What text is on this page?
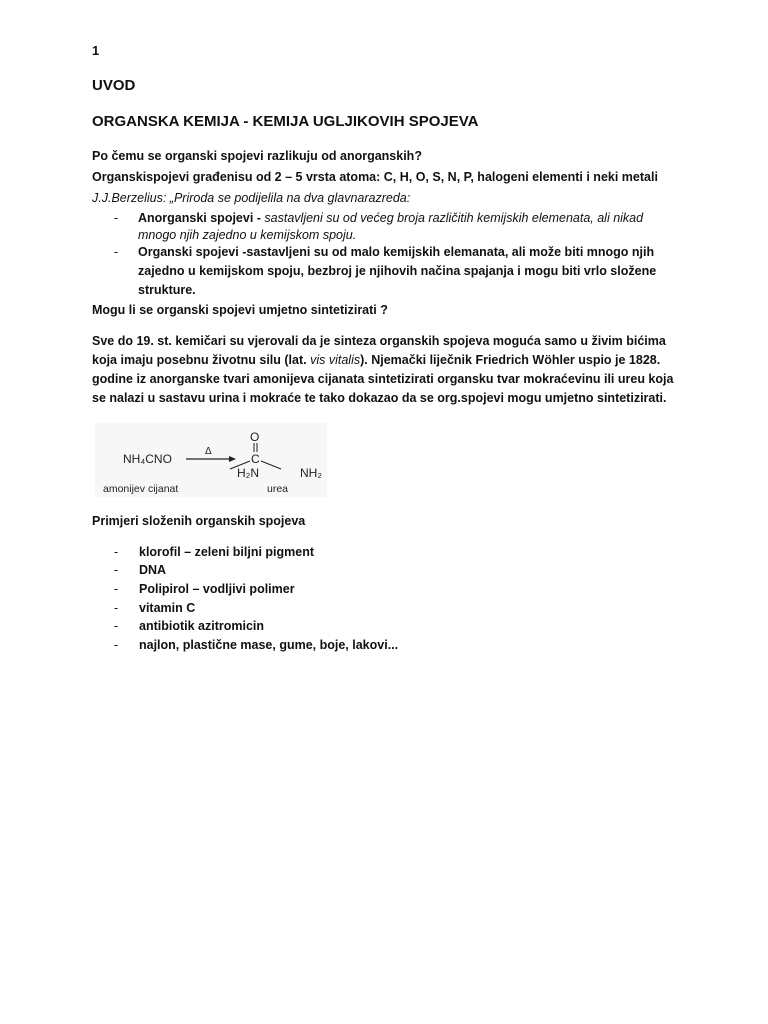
1
UVOD
ORGANSKA KEMIJA - KEMIJA UGLJIKOVIH SPOJEVA
Po čemu se organski spojevi razlikuju od anorganskih?
Organskispojevi građenisu od 2 – 5 vrsta atoma: C, H, O, S, N, P, halogeni elementi i neki metali
J.J.Berzelius: „Priroda se podijelila na dva glavnarazreda:
- Anorganski spojevi - sastavljeni su od većeg broja različitih kemijskih elemenata, ali nikad
mnogo njih zajedno u kemijskom spoju.
- Organski spojevi -sastavljeni su od malo kemijskih elemanata, ali može biti mnogo njih
zajedno u kemijskom spoju, bezbroj je njihovih načina spajanja i mogu biti vrlo složene
strukture.
Mogu li se organski spojevi umjetno sintetizirati ?
Sve do 19. st. kemičari su vjerovali da je sinteza organskih spojeva moguća samo u živim bićima koja imaju posebnu životnu silu (lat. vis vitalis). Njemački liječnik Friedrich Wöhler uspio je 1828. godine iz anorganske tvari amonijeva cijanata sintetizirati organsku tvar mokraćevinu ili ureu koja se nalazi u sastavu urina i mokraće te tako dokazao da se org.spojevi mogu umjetno sintetizirati.
NH₄CNO
Δ
O
C
H₂N	NH₂
amonijev cijanat	urea
Primjeri složenih organskih spojeva
- klorofil – zeleni biljni pigment
- DNA
- Polipirol – vodljivi polimer
- vitamin C
- antibiotik azitromicin
- najlon, plastične mase, gume, boje, lakovi...
